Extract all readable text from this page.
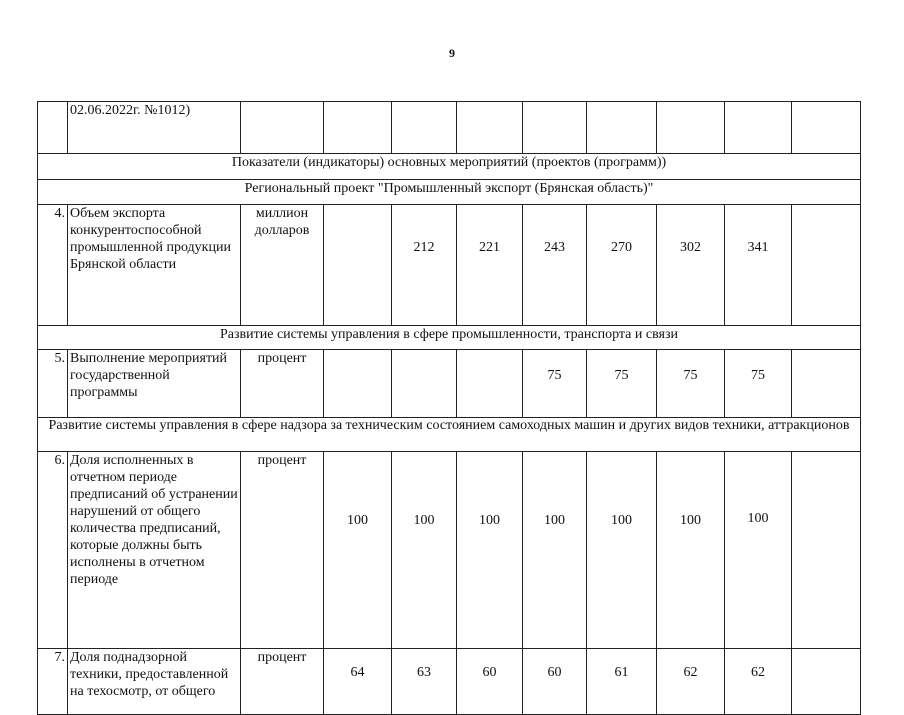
9
	02.06.2022г. №1012)									
Показатели (индикаторы) основных мероприятий (проектов (программ))										
Региональный проект "Промышленный экспорт (Брянская область)"										
4.	Объем экспорта конкурентоспособной промышленной продукции Брянской области	миллион долларов		212	221	243	270	302	341	
Развитие системы управления в сфере промышленности, транспорта и связи										
5.	Выполнение мероприятий государственной программы	процент				75	75	75	75	
Развитие системы управления в сфере надзора за техническим состоянием самоходных машин и других видов техники, аттракционов										
6.	Доля исполненных в отчетном периоде предписаний об устранении нарушений от общего количества предписаний, которые должны быть исполнены в отчетном периоде	процент	100	100	100	100	100	100	100	
7.	Доля поднадзорной техники, предоставленной на техосмотр, от общего	процент	64	63	60	60	61	62	62	
